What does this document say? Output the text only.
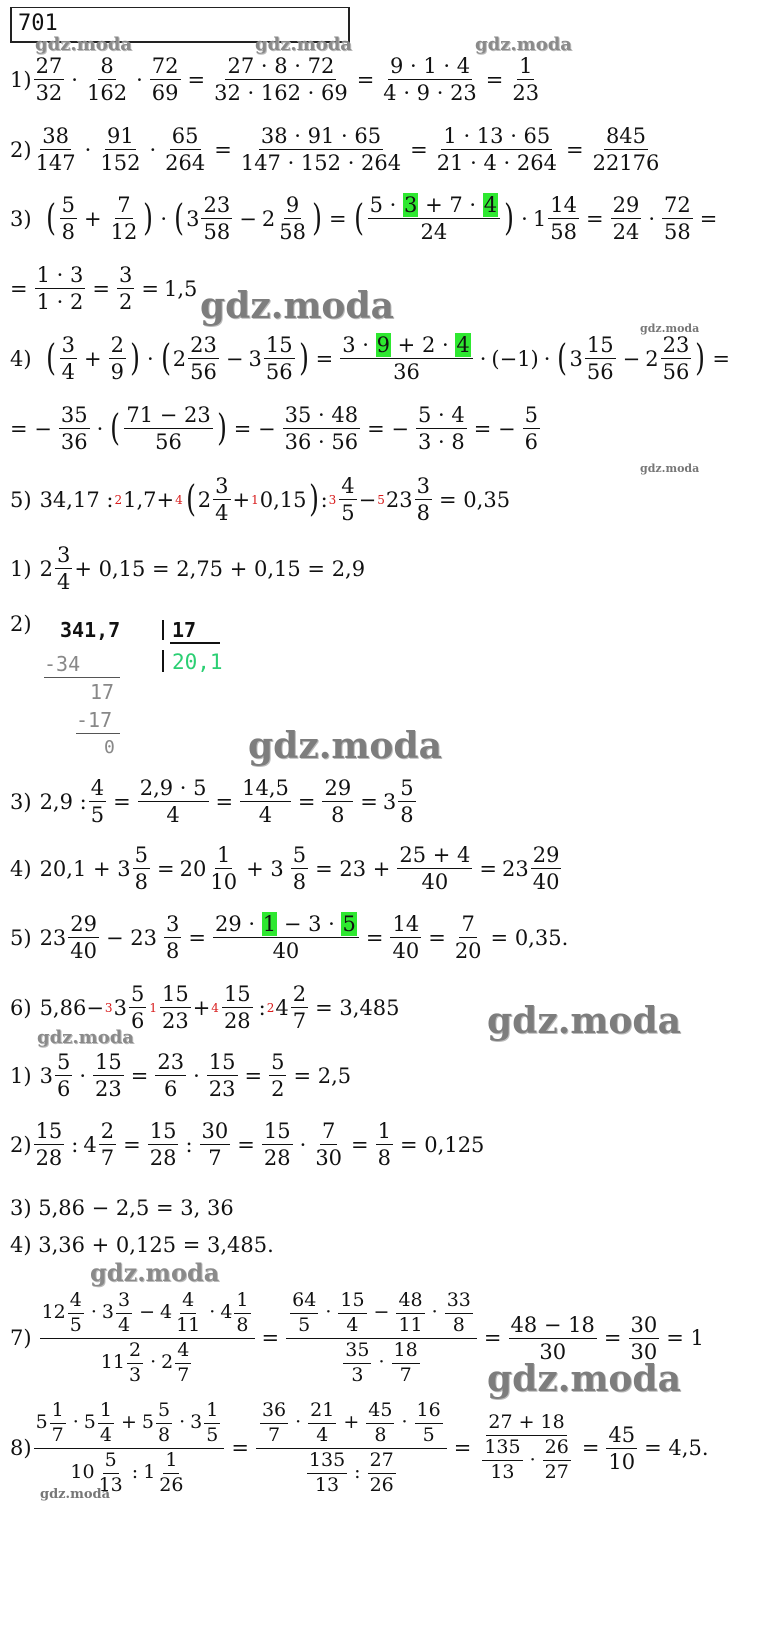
701
gdz.moda	gdz.moda	gdz.moda
gdz.moda
gdz.moda
gdz.moda
gdz.moda
gdz.moda
gdz.moda
gdz.moda
gdz.moda
gdz.moda
$1) \frac{27}{32} \cdot \frac{8}{162} \cdot \frac{72}{69} = \frac{27 \cdot 8 \cdot 72}{32 \cdot 162 \cdot 69} = \frac{9 \cdot 1 \cdot 4}{4 \cdot 9 \cdot 23} = \frac{1}{23}$
$2) \frac{38}{147} \cdot \frac{91}{152} \cdot \frac{65}{264} = \frac{38 \cdot 91 \cdot 65}{147 \cdot 152 \cdot 264} = \frac{1 \cdot 13 \cdot 65}{21 \cdot 4 \cdot 264} = \frac{845}{22176}$
3) ( $\frac{5}{8} + \frac{7}{12}$ ) · ( $3 \frac{23}{58} - 2 \frac{9}{58}$ ) = ( $\frac{5 \cdot 3 + 7 \cdot 4}{24}$ ) · $1 \frac{14}{58} = \frac{29}{24} \cdot \frac{72}{58}$ =
= $\frac{1 \cdot 3}{1 \cdot 2} = \frac{3}{2} = 1,5$
4) ( $\frac{3}{4} + \frac{2}{9}$ ) · ( $2 \frac{23}{56} - 3 \frac{15}{56}$ ) = $\frac{3 \cdot 9 + 2 \cdot 4}{36} \cdot (-1)$ · ( $3 \frac{15}{56} - 2 \frac{23}{56}$ ) =
= − $\frac{35}{36}$ · ( $\frac{71 - 23}{56}$ ) = − $\frac{35 \cdot 48}{36 \cdot 56}$ = − $\frac{5 \cdot 4}{3 \cdot 8}$ = − $\frac{5}{6}$
5) 34,17 : 2 1,7+ 4 ( $2 \frac{3}{4} + 1$ 0,15 ) : $3 \frac{4}{5} - 5$ $23 \frac{3}{8} = 0,35$
1) $2 \frac{3}{4} + 0,15 = 2,75 + 0,15 = 2,9$
2) 341,7	17
20,1
-34
17
-17
0
3) 2,9 : $\frac{4}{5} = \frac{2,9 \cdot 5}{4} = \frac{14,5}{4} = \frac{29}{8} = 3 \frac{5}{8}$
4) $20,1 + 3 \frac{5}{8} = 20 \frac{1}{10} + 3 \frac{5}{8} = 23 + \frac{25 + 4}{40} = 23 \frac{29}{40}$
5) $23 \frac{29}{40} - 23 \frac{3}{8} = \frac{29 \cdot 1 - 3 \cdot 5}{40} = \frac{14}{40} = \frac{7}{20} = 0,35$.
6) 5,86− 3 $3 \frac{5}{6} 1 \frac{15}{23} + 4 \frac{15}{28}$ : 2 $4 \frac{2}{7} = 3,485$
1) $3 \frac{5}{6} \cdot \frac{15}{23} = \frac{23}{6} \cdot \frac{15}{23} = \frac{5}{2} = 2,5$
$2) \frac{15}{28}$ : $4 \frac{2}{7} = \frac{15}{28}$ : $\frac{30}{7} = \frac{15}{28} \cdot \frac{7}{30} = \frac{1}{8} = 0,125$
3) 5,86 − 2,5 = 3, 36
4) 3,36 + 0,125 = 3,485.
$7) \frac{12 \frac{4}{5} \cdot 3 \frac{3}{4} - 4 \frac{4}{11} \cdot 4 \frac{1}{8}}{11 \frac{2}{3} \cdot 2 \frac{4}{7}} = \frac{\frac{64}{5} \cdot \frac{15}{4} - \frac{48}{11} \cdot \frac{33}{8}}{\frac{35}{3} \cdot \frac{18}{7}} = \frac{48 - 18}{30} = \frac{30}{30} = 1$
$8) \frac{5 \frac{1}{7} \cdot 5 \frac{1}{4} + 5 \frac{5}{8} \cdot 3 \frac{1}{5}}{10 \frac{5}{13} : 1 \frac{1}{26}} = \frac{\frac{36}{7} \cdot \frac{21}{4} + \frac{45}{8} \cdot \frac{16}{5}}{\frac{135}{13} : \frac{27}{26}} = \frac{27 + 18}{\frac{135}{13} \cdot \frac{26}{27}} = \frac{45}{10} = 4,5$.
